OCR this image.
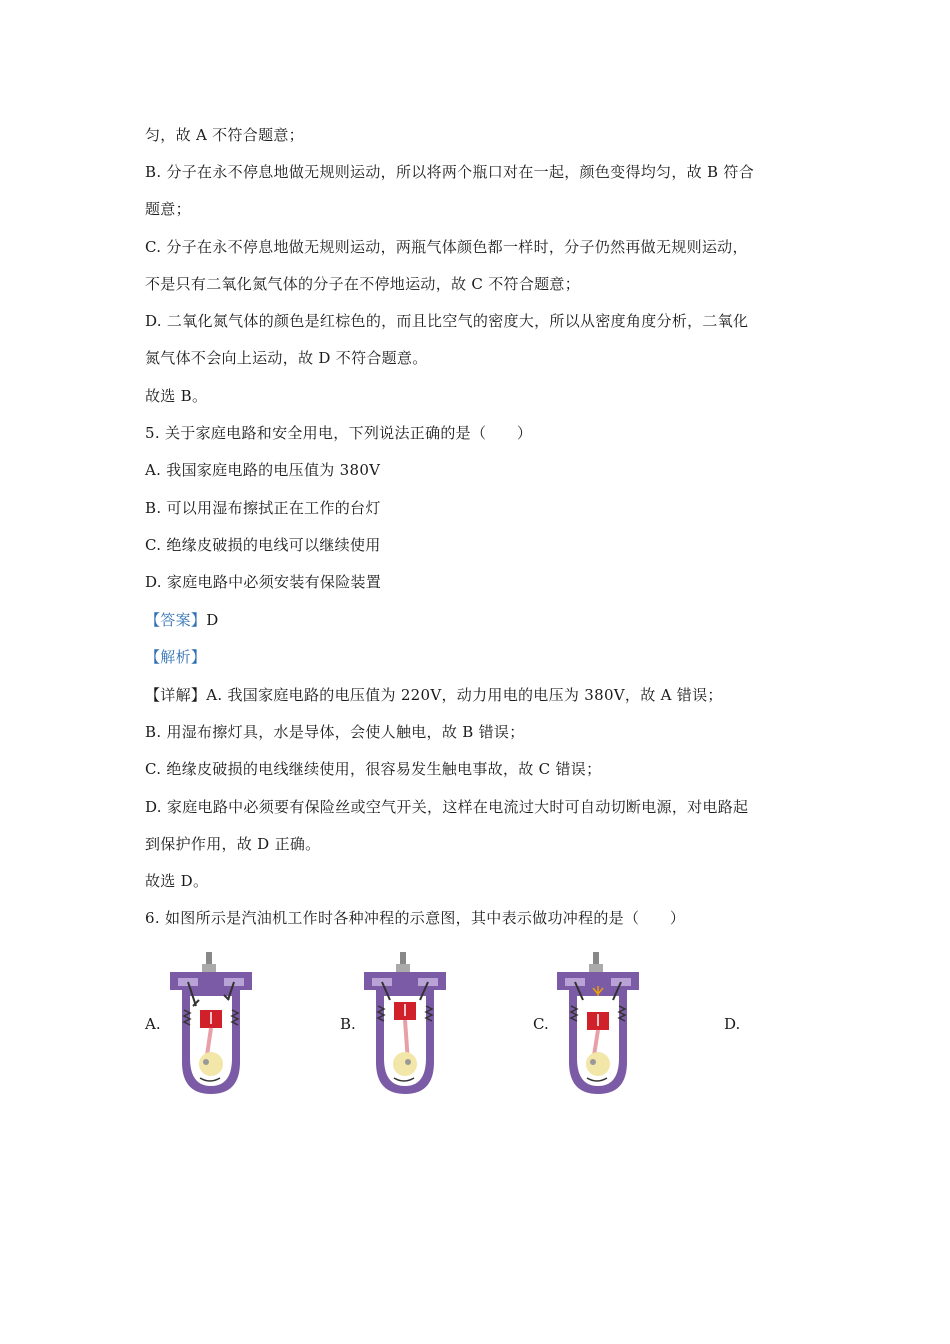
匀，故 A 不符合题意；
B. 分子在永不停息地做无规则运动，所以将两个瓶口对在一起，颜色变得均匀，故 B 符合
题意；
C. 分子在永不停息地做无规则运动，两瓶气体颜色都一样时，分子仍然再做无规则运动，
不是只有二氧化氮气体的分子在不停地运动，故 C 不符合题意；
D. 二氧化氮气体的颜色是红棕色的，而且比空气的密度大，所以从密度角度分析，二氧化
氮气体不会向上运动，故 D 不符合题意。
故选 B。
5. 关于家庭电路和安全用电，下列说法正确的是（　　）
A. 我国家庭电路的电压值为 380V
B. 可以用湿布擦拭正在工作的台灯
C. 绝缘皮破损的电线可以继续使用
D. 家庭电路中必须安装有保险装置
【答案】D
【解析】
【详解】A. 我国家庭电路的电压值为 220V，动力用电的电压为 380V，故 A 错误；
B. 用湿布擦灯具，水是导体，会使人触电，故 B 错误；
C. 绝缘皮破损的电线继续使用，很容易发生触电事故，故 C 错误；
D. 家庭电路中必须要有保险丝或空气开关，这样在电流过大时可自动切断电源，对电路起
到保护作用，故 D 正确。
故选 D。
6. 如图所示是汽油机工作时各种冲程的示意图，其中表示做功冲程的是（　　）
A.	B.	C.	D.
